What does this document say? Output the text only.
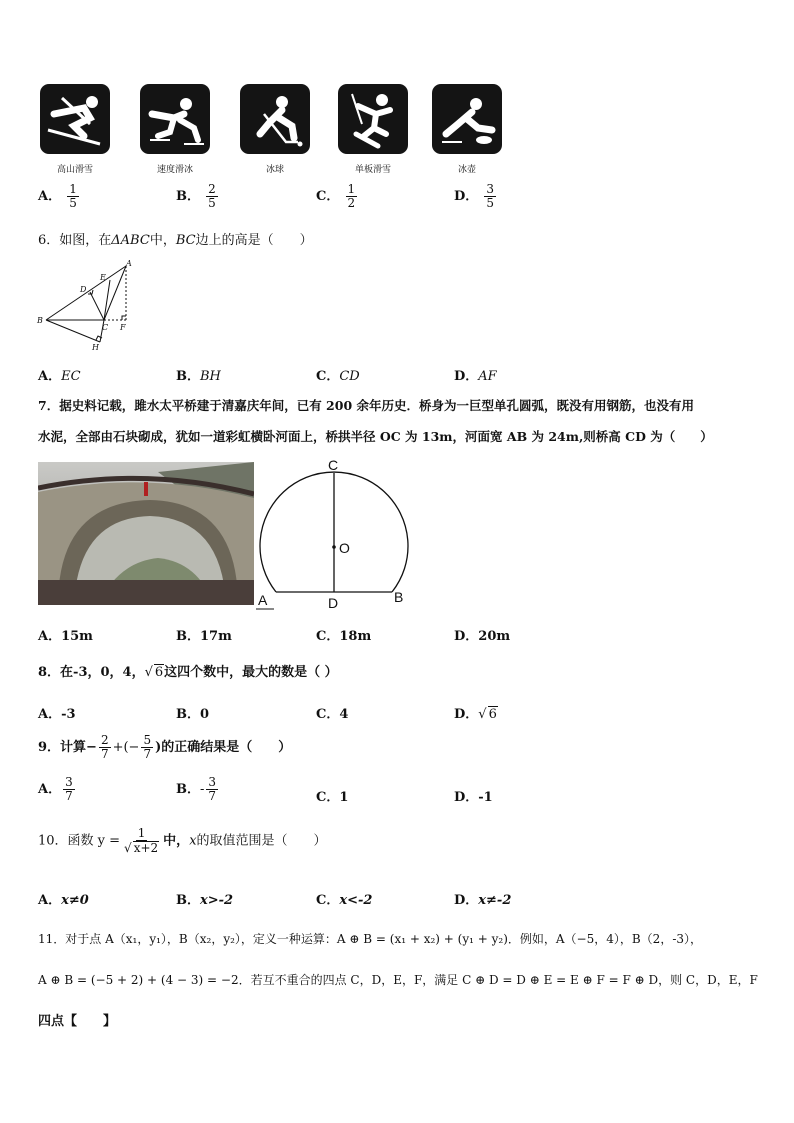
高山滑雪	速度滑冰	冰球	单板滑雪	冰壶
A． $\frac{1}{5}$	B． $\frac{2}{5}$	C． $\frac{1}{2}$	D． $\frac{3}{5}$
6．如图，在ΔABC中，BC边上的高是（　　）
A
B
C
D
E
F
H
A．EC	B．BH	C．CD	D．AF
7．据史料记载，雎水太平桥建于清嘉庆年间，已有 200 余年历史．桥身为一巨型单孔圆弧，既没有用钢筋，也没有用
水泥，全部由石块砌成，犹如一道彩虹横卧河面上，桥拱半径 OC 为 13m，河面宽 AB 为 24m,则桥高 CD 为（　　）
C
O
D
A	B
A．15m	B．17m	C．18m	D．20m
8．在-3，0，4，√ 6这四个数中，最大的数是（ ）
A．-3	B．0	C．4	D．√ 6
9．计算− $\frac{2}{7}$ +(− $\frac{5}{7}$ )的正确结果是（　　）
A． $\frac{3}{7}$	B．- $\frac{3}{7}$	C．1	D．-1
10．函数 $y = \frac{1}{√ x+2}$ 中，x的取值范围是（　　）
A．x≠0	B．x>-2	C．x<-2	D．x≠-2
11．对于点 A（x₁，y₁），B（x₂，y₂），定义一种运算：A ⊕ B = (x₁ + x₂) + (y₁ + y₂)．例如，A（−5，4），B（2，-3），
A ⊕ B = (−5 + 2) + (4 − 3) = −2．若互不重合的四点 C，D，E，F，满足 C ⊕ D = D ⊕ E = E ⊕ F = F ⊕ D，则 C，D，E，F
四点【　　】
